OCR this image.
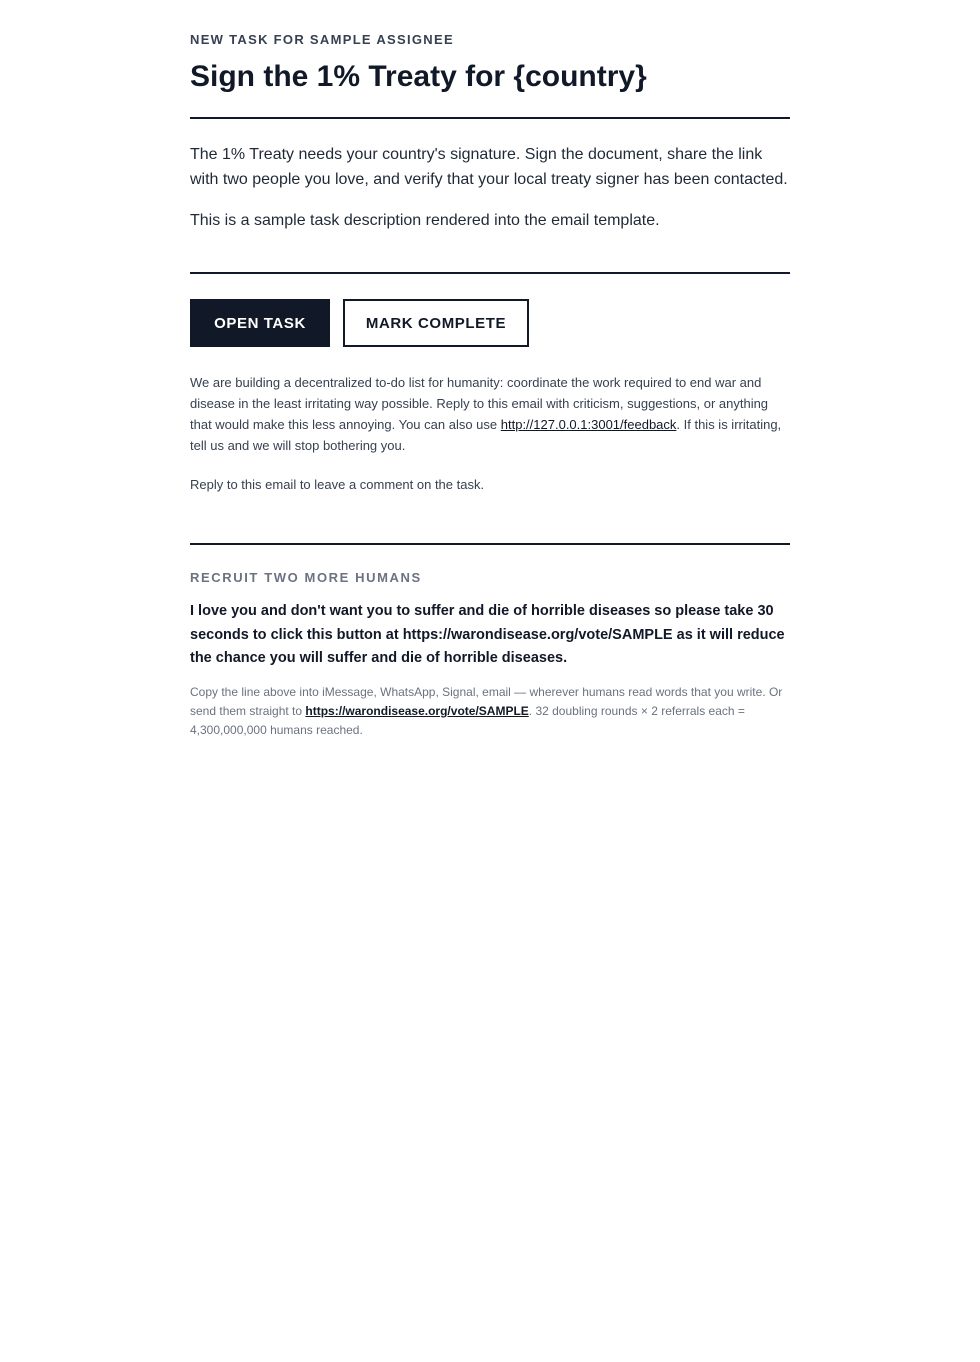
NEW TASK FOR SAMPLE ASSIGNEE
Sign the 1% Treaty for {country}

The 1% Treaty needs your country's signature. Sign the document, share the link with two people you love, and verify that your local treaty signer has been contacted.

This is a sample task description rendered into the email template.

OPEN TASK	MARK COMPLETE

We are building a decentralized to-do list for humanity: coordinate the work required to end war and disease in the least irritating way possible. Reply to this email with criticism, suggestions, or anything that would make this less annoying. You can also use http://127.0.0.1:3001/feedback. If this is irritating, tell us and we will stop bothering you.

Reply to this email to leave a comment on the task.

RECRUIT TWO MORE HUMANS

I love you and don't want you to suffer and die of horrible diseases so please take 30 seconds to click this button at https://warondisease.org/vote/SAMPLE as it will reduce the chance you will suffer and die of horrible diseases.

Copy the line above into iMessage, WhatsApp, Signal, email — wherever humans read words that you write. Or send them straight to https://warondisease.org/vote/SAMPLE. 32 doubling rounds × 2 referrals each = 4,300,000,000 humans reached.
